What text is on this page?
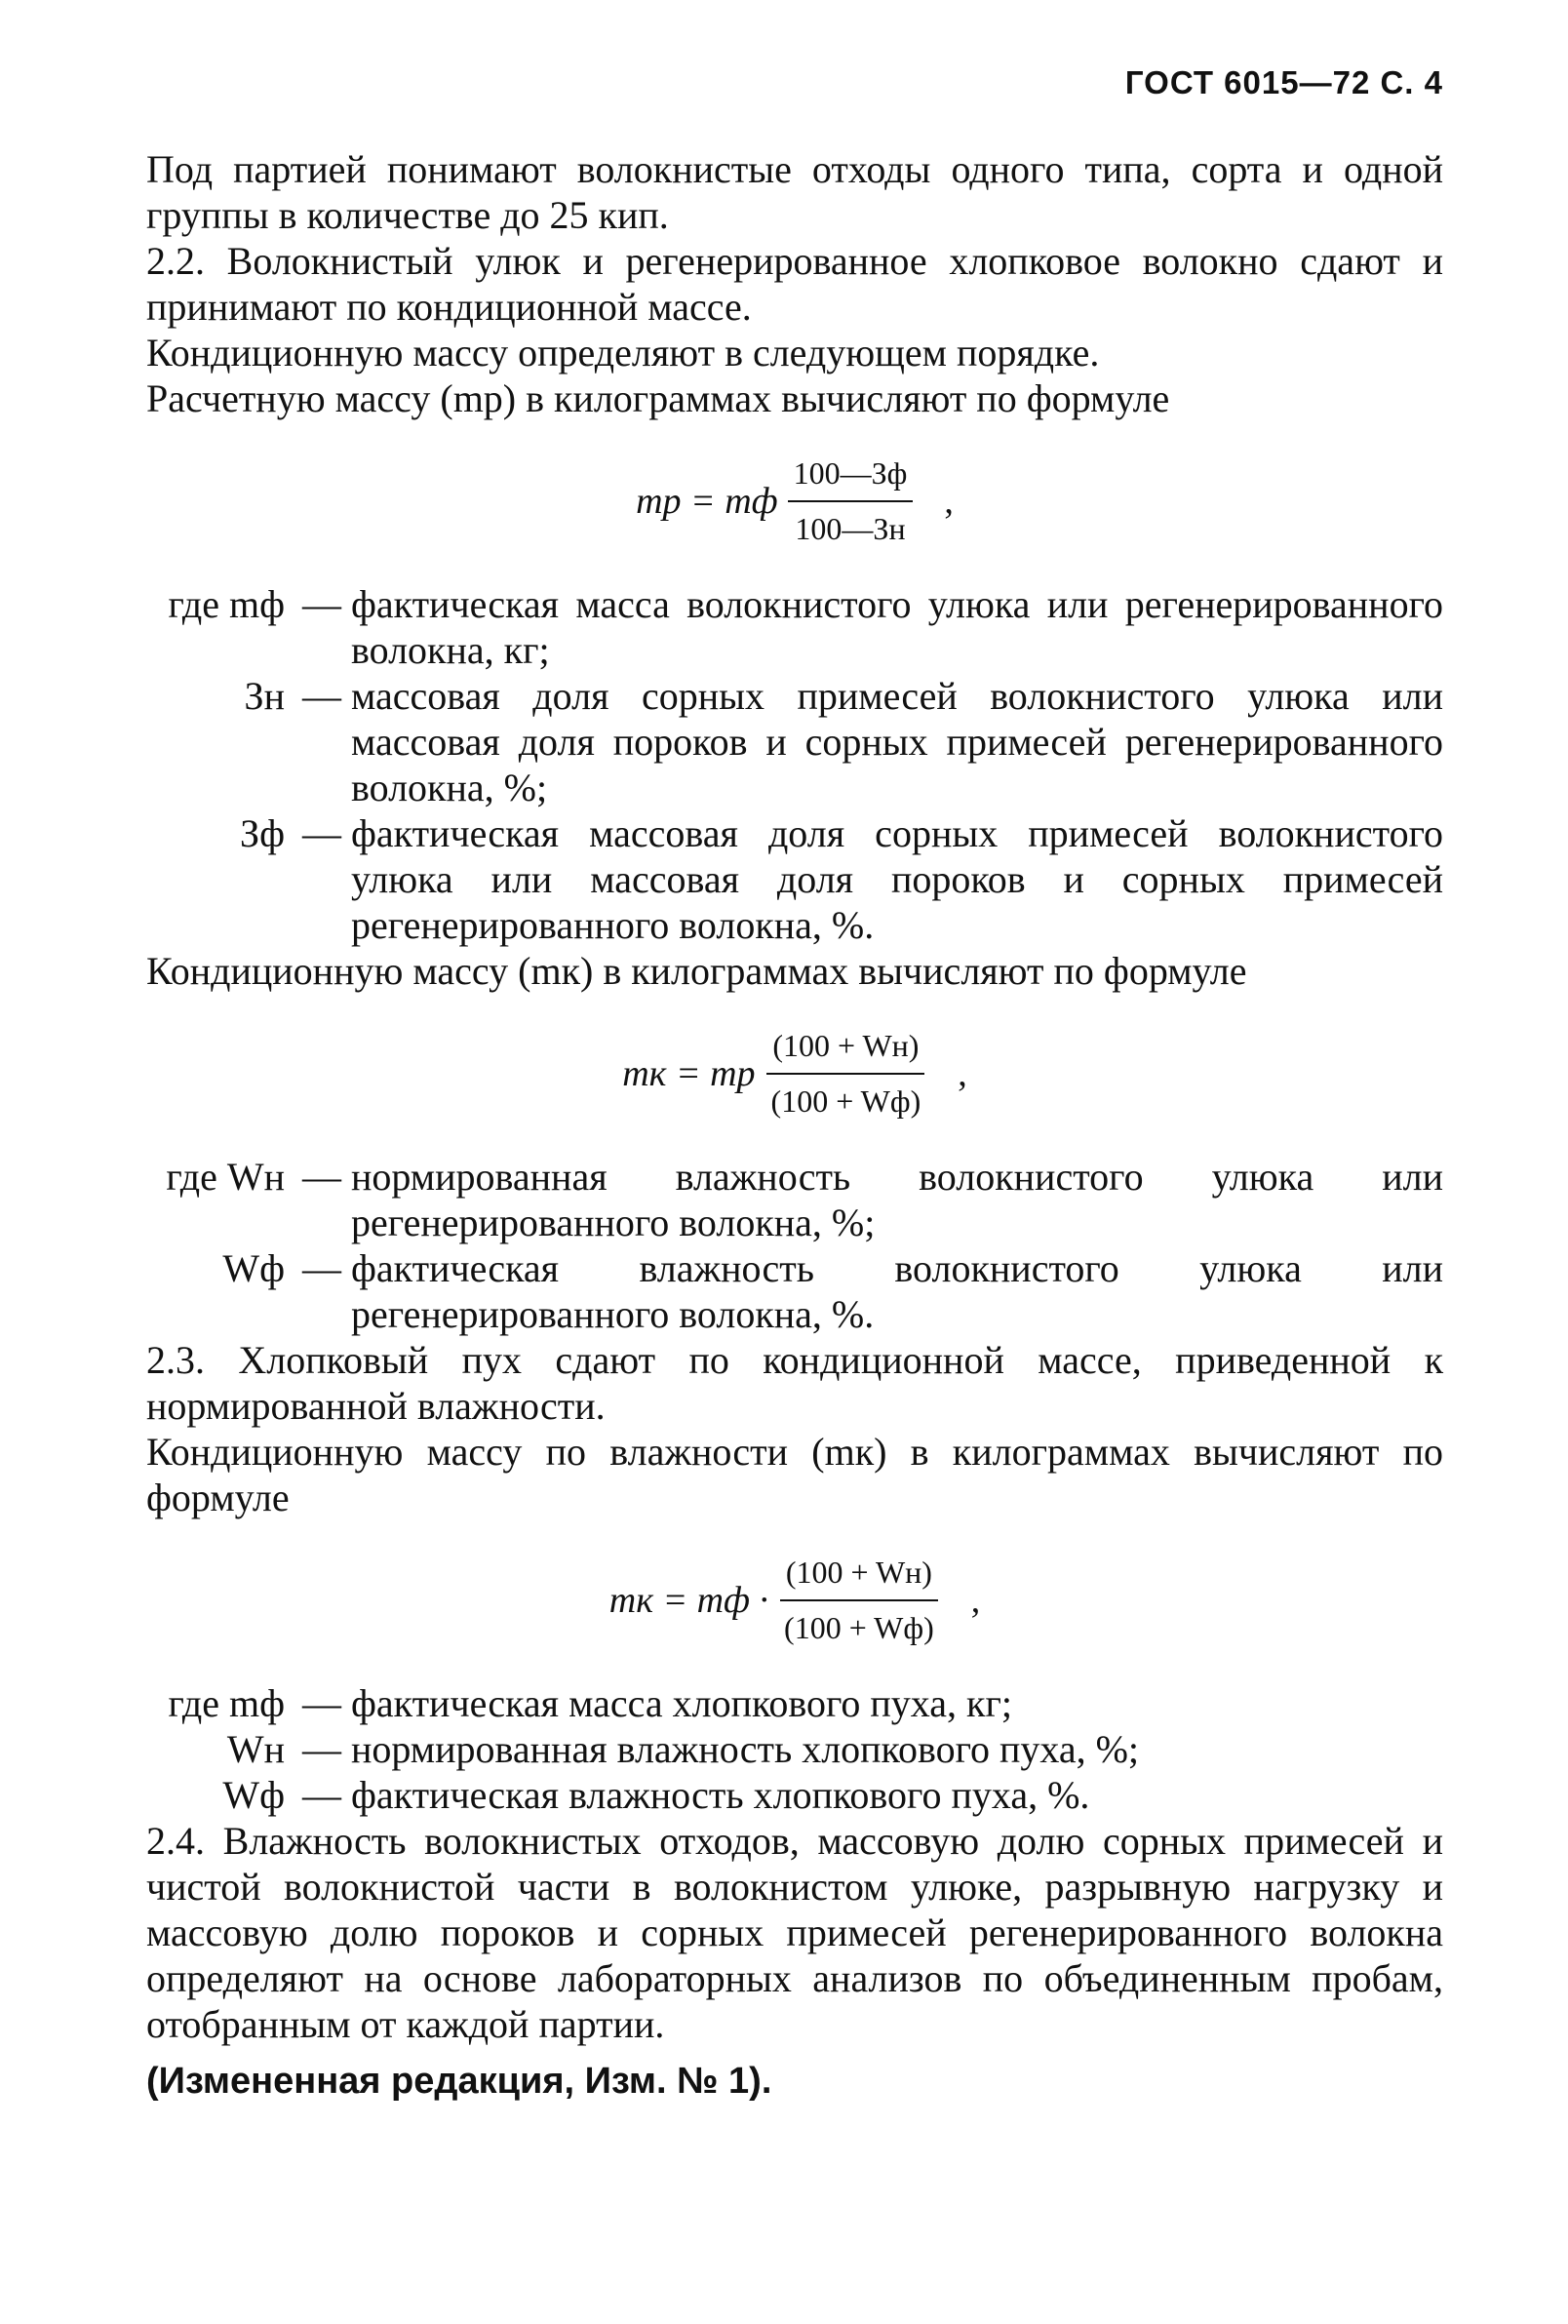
ГОСТ 6015—72 С. 4

Под партией понимают волокнистые отходы одного типа, сорта и одной группы в количестве до 25 кип.

2.2. Волокнистый улюк и регенерированное хлопковое волокно сдают и принимают по кондиционной массе.

Кондиционную массу определяют в следующем порядке.

Расчетную массу (mр) в килограммах вычисляют по формуле

mр = mф $\frac{100—Зф}{100—Зн}$ ,
где mф — фактическая масса волокнистого улюка или регенерированного волокна, кг;
Зн — массовая доля сорных примесей волокнистого улюка или массовая доля пороков и сорных примесей регенерированного волокна, %;
Зф — фактическая массовая доля сорных примесей волокнистого улюка или массовая доля пороков и сорных примесей регенерированного волокна, %.

Кондиционную массу (mк) в килограммах вычисляют по формуле

mк = mр $\frac{(100 + Wн)}{(100 + Wф)}$ ,
где Wн — нормированная влажность волокнистого улюка или регенерированного волокна, %;
Wф — фактическая влажность волокнистого улюка или регенерированного волокна, %.

2.3. Хлопковый пух сдают по кондиционной массе, приведенной к нормированной влажности.

Кондиционную массу по влажности (mк) в килограммах вычисляют по формуле

mк = mф · $\frac{(100 + Wн)}{(100 + Wф)}$ ,
где mф — фактическая масса хлопкового пуха, кг;
Wн — нормированная влажность хлопкового пуха, %;
Wф — фактическая влажность хлопкового пуха, %.

2.4. Влажность волокнистых отходов, массовую долю сорных примесей и чистой волокнистой части в волокнистом улюке, разрывную нагрузку и массовую долю пороков и сорных примесей регенерированного волокна определяют на основе лабораторных анализов по объединенным пробам, отобранным от каждой партии.

(Измененная редакция, Изм. № 1).
